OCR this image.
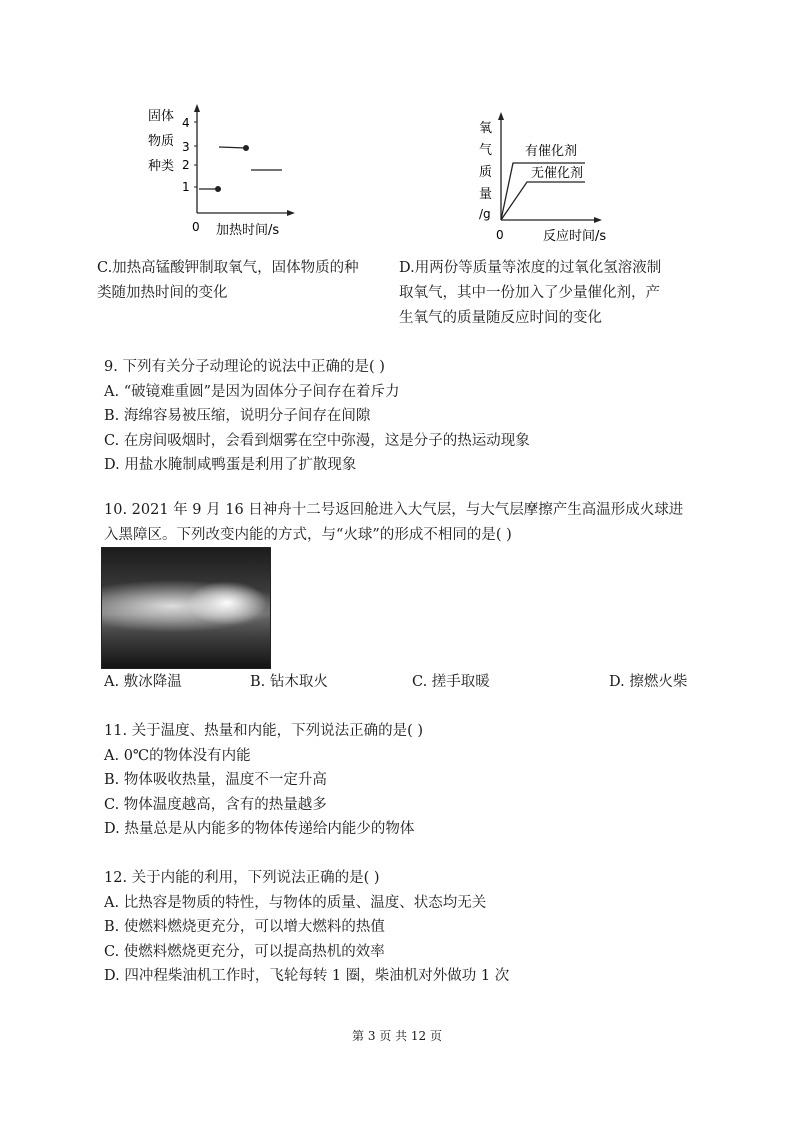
固体
物质
种类
4
3
2
1
0 加热时间/s
氧
气
质
量
/g
有催化剂
无催化剂
0	反应时间/s
C.加热高锰酸钾制取氧气，固体物质的种
类随加热时间的变化
D.用两份等质量等浓度的过氧化氢溶液制
取氧气，其中一份加入了少量催化剂，产
生氧气的质量随反应时间的变化
9. 下列有关分子动理论的说法中正确的是( )
A. “破镜难重圆”是因为固体分子间存在着斥力
B. 海绵容易被压缩，说明分子间存在间隙
C. 在房间吸烟时，会看到烟雾在空中弥漫，这是分子的热运动现象
D. 用盐水腌制咸鸭蛋是利用了扩散现象
10. 2021 年 9 月 16 日神舟十二号返回舱进入大气层，与大气层摩擦产生高温形成火球进
入黑障区。下列改变内能的方式，与“火球”的形成不相同的是( )
A. 敷冰降温	B. 钻木取火	C. 搓手取暖	D. 擦燃火柴
11. 关于温度、热量和内能，下列说法正确的是( )
A. 0℃的物体没有内能
B. 物体吸收热量，温度不一定升高
C. 物体温度越高，含有的热量越多
D. 热量总是从内能多的物体传递给内能少的物体
12. 关于内能的利用，下列说法正确的是( )
A. 比热容是物质的特性，与物体的质量、温度、状态均无关
B. 使燃料燃烧更充分，可以增大燃料的热值
C. 使燃料燃烧更充分，可以提高热机的效率
D. 四冲程柴油机工作时，飞轮每转 1 圈，柴油机对外做功 1 次
第 3 页 共 12 页
